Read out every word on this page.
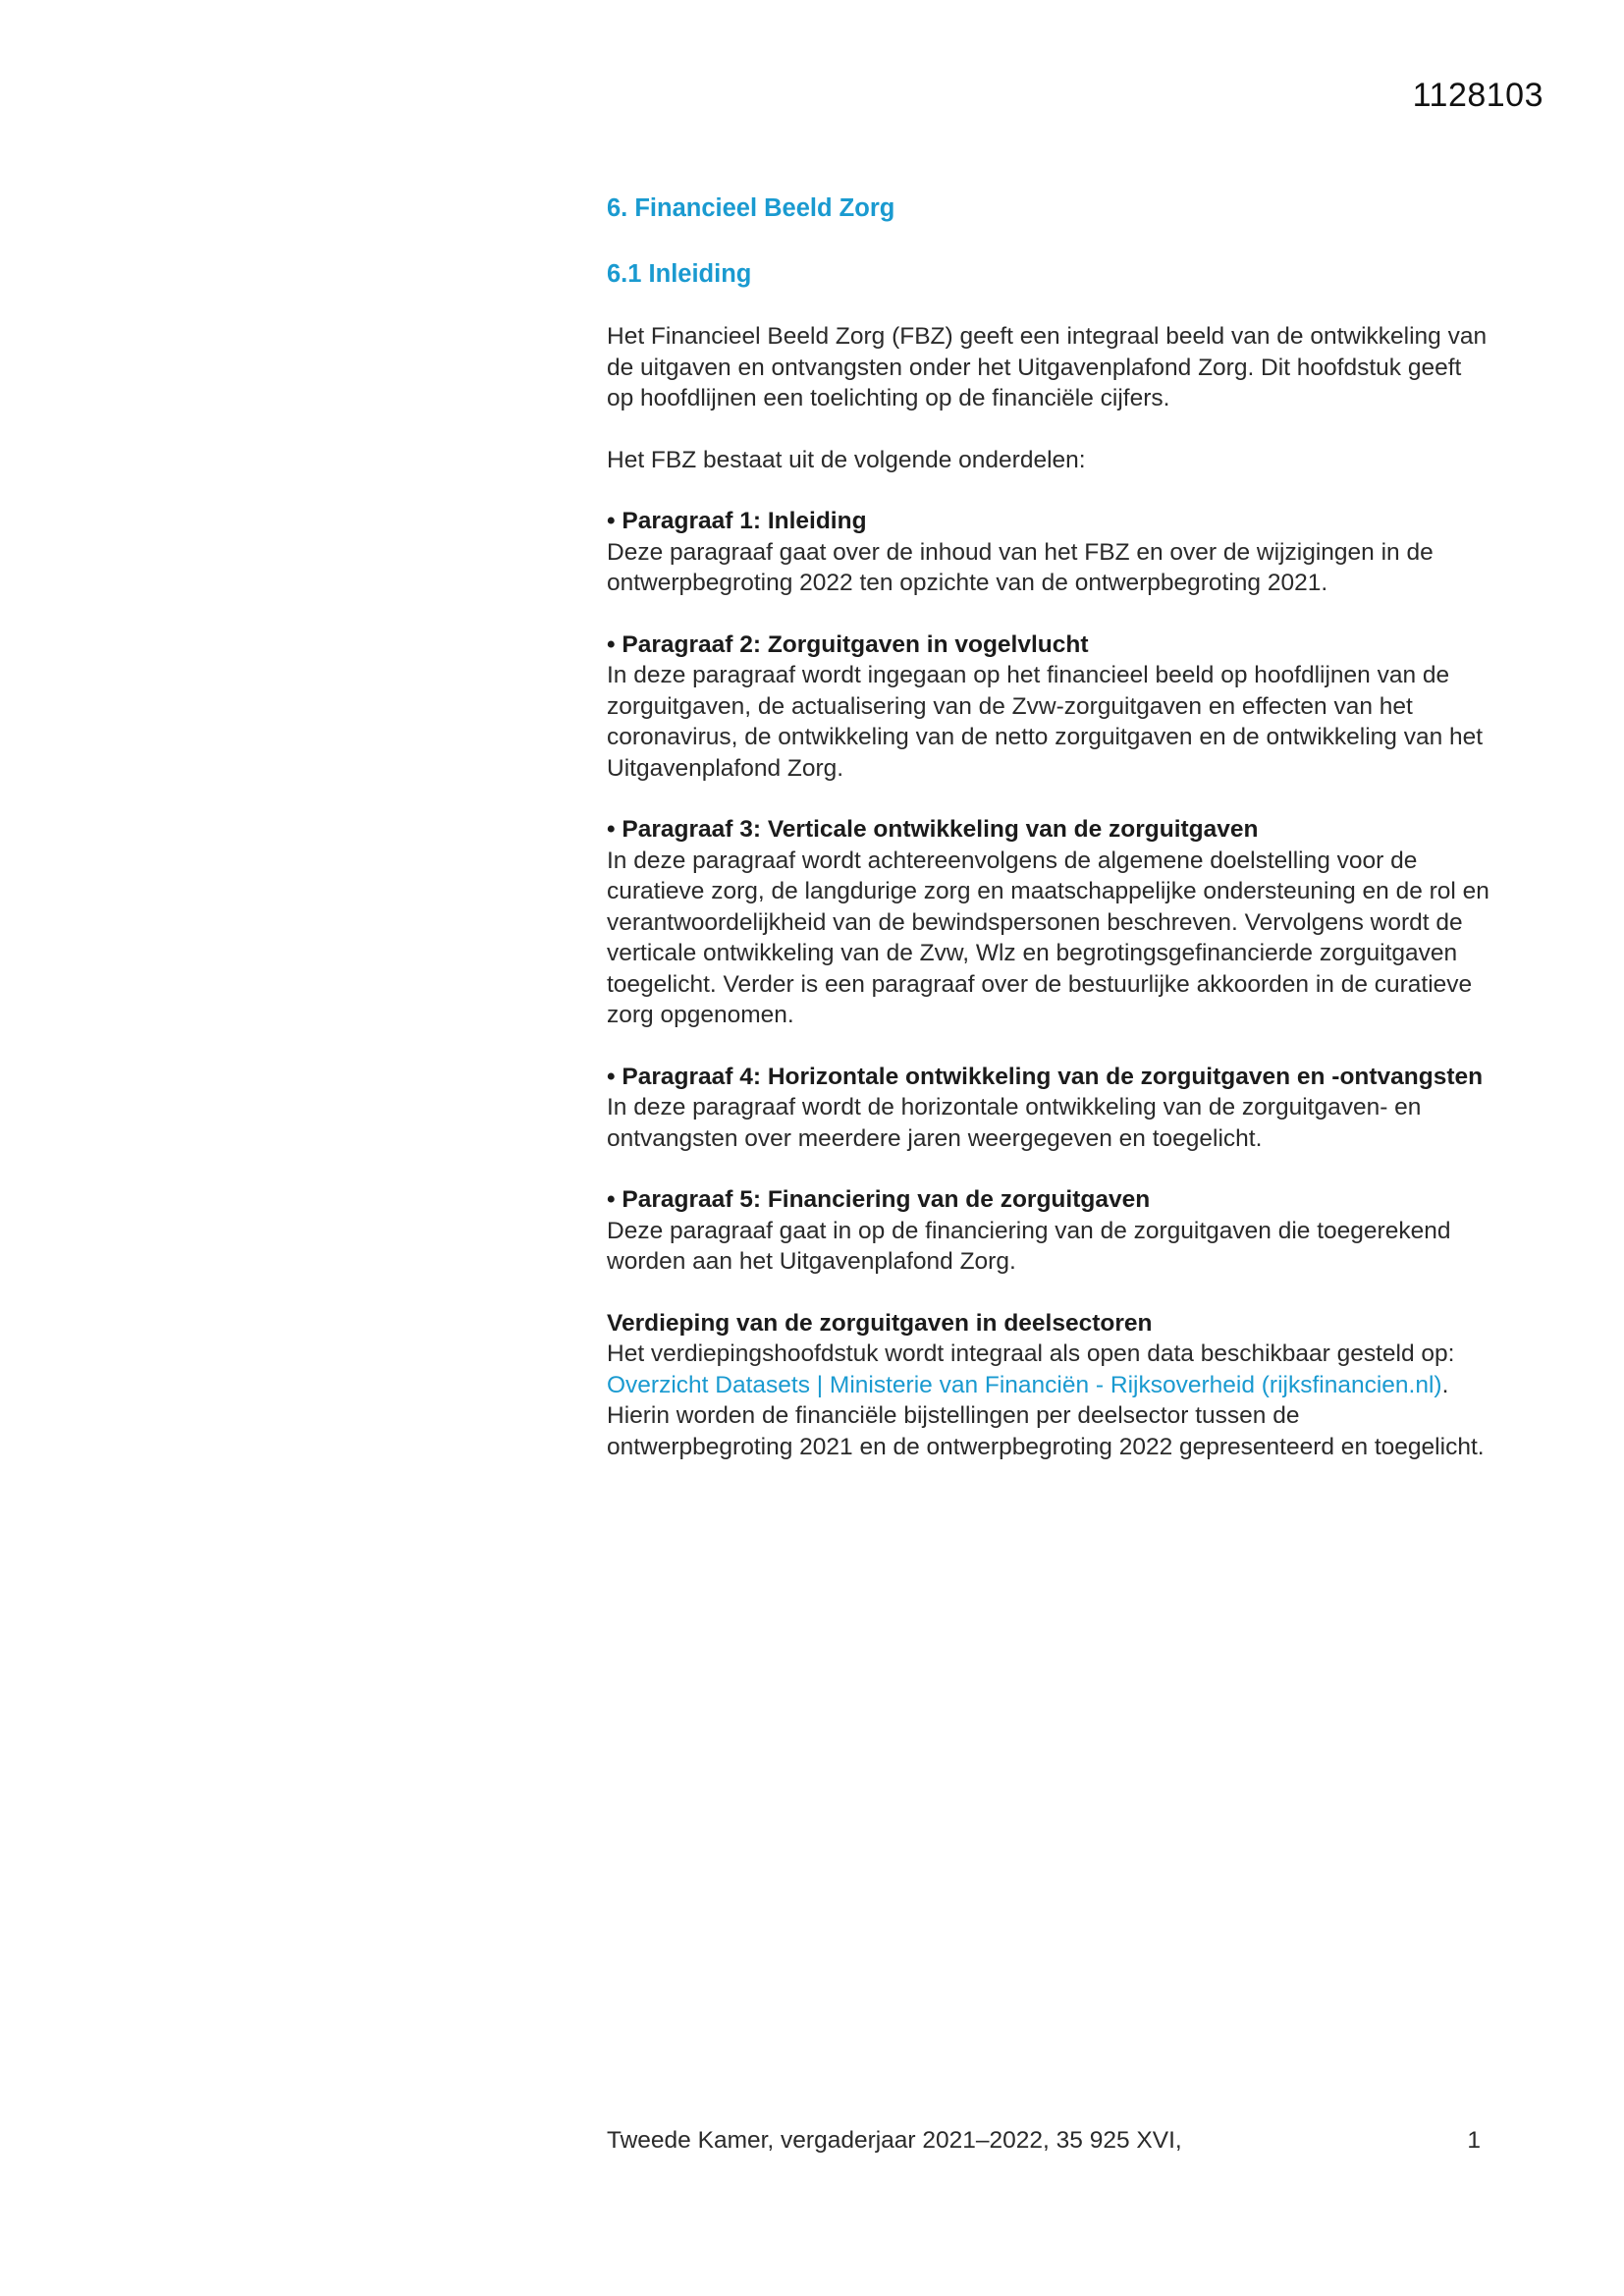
1128103
6. Financieel Beeld Zorg
6.1 Inleiding

Het Financieel Beeld Zorg (FBZ) geeft een integraal beeld van de ontwikkeling van de uitgaven en ontvangsten onder het Uitgavenplafond Zorg. Dit hoofdstuk geeft op hoofdlijnen een toelichting op de financiële cijfers.

Het FBZ bestaat uit de volgende onderdelen:

• Paragraaf 1: Inleiding
Deze paragraaf gaat over de inhoud van het FBZ en over de wijzigingen in de ontwerpbegroting 2022 ten opzichte van de ontwerpbegroting 2021.
• Paragraaf 2: Zorguitgaven in vogelvlucht
In deze paragraaf wordt ingegaan op het financieel beeld op hoofdlijnen van de zorguitgaven, de actualisering van de Zvw-zorguitgaven en effecten van het coronavirus, de ontwikkeling van de netto zorguitgaven en de ontwikkeling van het Uitgavenplafond Zorg.
• Paragraaf 3: Verticale ontwikkeling van de zorguitgaven
In deze paragraaf wordt achtereenvolgens de algemene doelstelling voor de curatieve zorg, de langdurige zorg en maatschappelijke ondersteuning en de rol en verantwoordelijkheid van de bewindspersonen beschreven. Vervolgens wordt de verticale ontwikkeling van de Zvw, Wlz en begrotingsgefinancierde zorguitgaven toegelicht. Verder is een paragraaf over de bestuurlijke akkoorden in de curatieve zorg opgenomen.
• Paragraaf 4: Horizontale ontwikkeling van de zorguitgaven en -ontvangsten
In deze paragraaf wordt de horizontale ontwikkeling van de zorguitgaven- en ontvangsten over meerdere jaren weergegeven en toegelicht.
• Paragraaf 5: Financiering van de zorguitgaven
Deze paragraaf gaat in op de financiering van de zorguitgaven die toegerekend worden aan het Uitgavenplafond Zorg.
Verdieping van de zorguitgaven in deelsectoren
Het verdiepingshoofdstuk wordt integraal als open data beschikbaar gesteld op: Overzicht Datasets | Ministerie van Financiën - Rijksoverheid (rijksfinancien.nl). Hierin worden de financiële bijstellingen per deelsector tussen de ontwerpbegroting 2021 en de ontwerpbegroting 2022 gepresenteerd en toegelicht.
Tweede Kamer, vergaderjaar 2021–2022, 35 925 XVI,	1
